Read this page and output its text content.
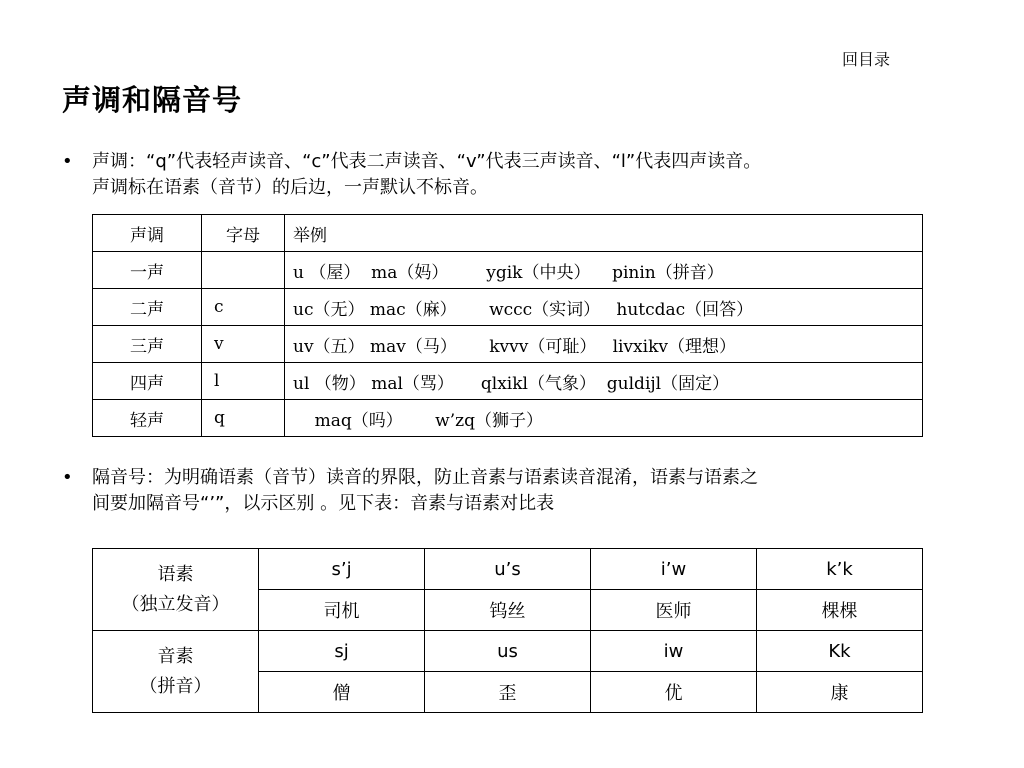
回目录
声调和隔音号
• 声调：“q”代表轻声读音、“c”代表二声读音、“v”代表三声读音、“l”代表四声读音。
声调标在语素（音节）的后边，一声默认不标音。
声调	字母	举例
一声		u （屋）  ma（妈）       ygik（中央）    pinin（拼音）
二声	c	uc（无） mac（麻）      wccc（实词）   hutcdac（回答）
三声	v	uv（五） mav（马）      kvvv（可耻）   livxikv（理想）
四声	l	ul （物） mal（骂）     qlxikl（气象）  guldijl（固定）
轻声	q	maq（吗）      w’zq（狮子）
• 隔音号：为明确语素（音节）读音的界限，防止音素与语素读音混淆，语素与语素之
间要加隔音号“’”，以示区别 。见下表：音素与语素对比表
语素
（独立发音）	s’j	u’s	i’w	k’k
	司机	钨丝	医师	棵棵

音素
（拼音）	sj	us	iw	Kk
	僧	歪	优	康
